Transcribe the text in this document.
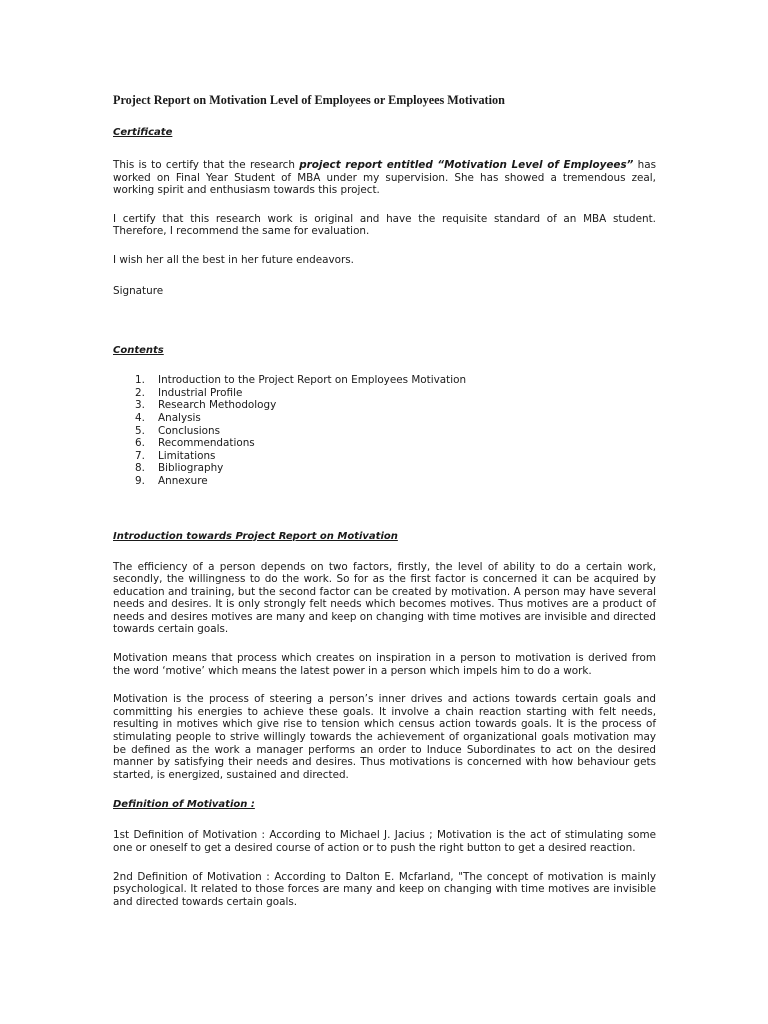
Project Report on Motivation Level of Employees or Employees Motivation
Certificate

This is to certify that the research project report entitled “Motivation Level of Employees” has worked on Final Year Student of MBA under my supervision. She has showed a tremendous zeal, working spirit and enthusiasm towards this project.

I certify that this research work is original and have the requisite standard of an MBA student. Therefore, I recommend the same for evaluation.

I wish her all the best in her future endeavors.

Signature

Contents
1. Introduction to the Project Report on Employees Motivation
2. Industrial Profile
3. Research Methodology
4. Analysis
5. Conclusions
6. Recommendations
7. Limitations
8. Bibliography
9. Annexure
Introduction towards Project Report on Motivation

The efficiency of a person depends on two factors, firstly, the level of ability to do a certain work, secondly, the willingness to do the work. So for as the first factor is concerned it can be acquired by education and training, but the second factor can be created by motivation. A person may have several needs and desires. It is only strongly felt needs which becomes motives. Thus motives are a product of needs and desires motives are many and keep on changing with time motives are invisible and directed towards certain goals.

Motivation means that process which creates on inspiration in a person to motivation is derived from the word ‘motive’ which means the latest power in a person which impels him to do a work.

Motivation is the process of steering a person’s inner drives and actions towards certain goals and committing his energies to achieve these goals. It involve a chain reaction starting with felt needs, resulting in motives which give rise to tension which census action towards goals. It is the process of stimulating people to strive willingly towards the achievement of organizational goals motivation may be defined as the work a manager performs an order to Induce Subordinates to act on the desired manner by satisfying their needs and desires. Thus motivations is concerned with how behaviour gets started, is energized, sustained and directed.

Definition of Motivation :

1st Definition of Motivation : According to Michael J. Jacius ; Motivation is the act of stimulating some one or oneself to get a desired course of action or to push the right button to get a desired reaction.

2nd Definition of Motivation : According to Dalton E. Mcfarland, "The concept of motivation is mainly psychological. It related to those forces are many and keep on changing with time motives are invisible and directed towards certain goals.
